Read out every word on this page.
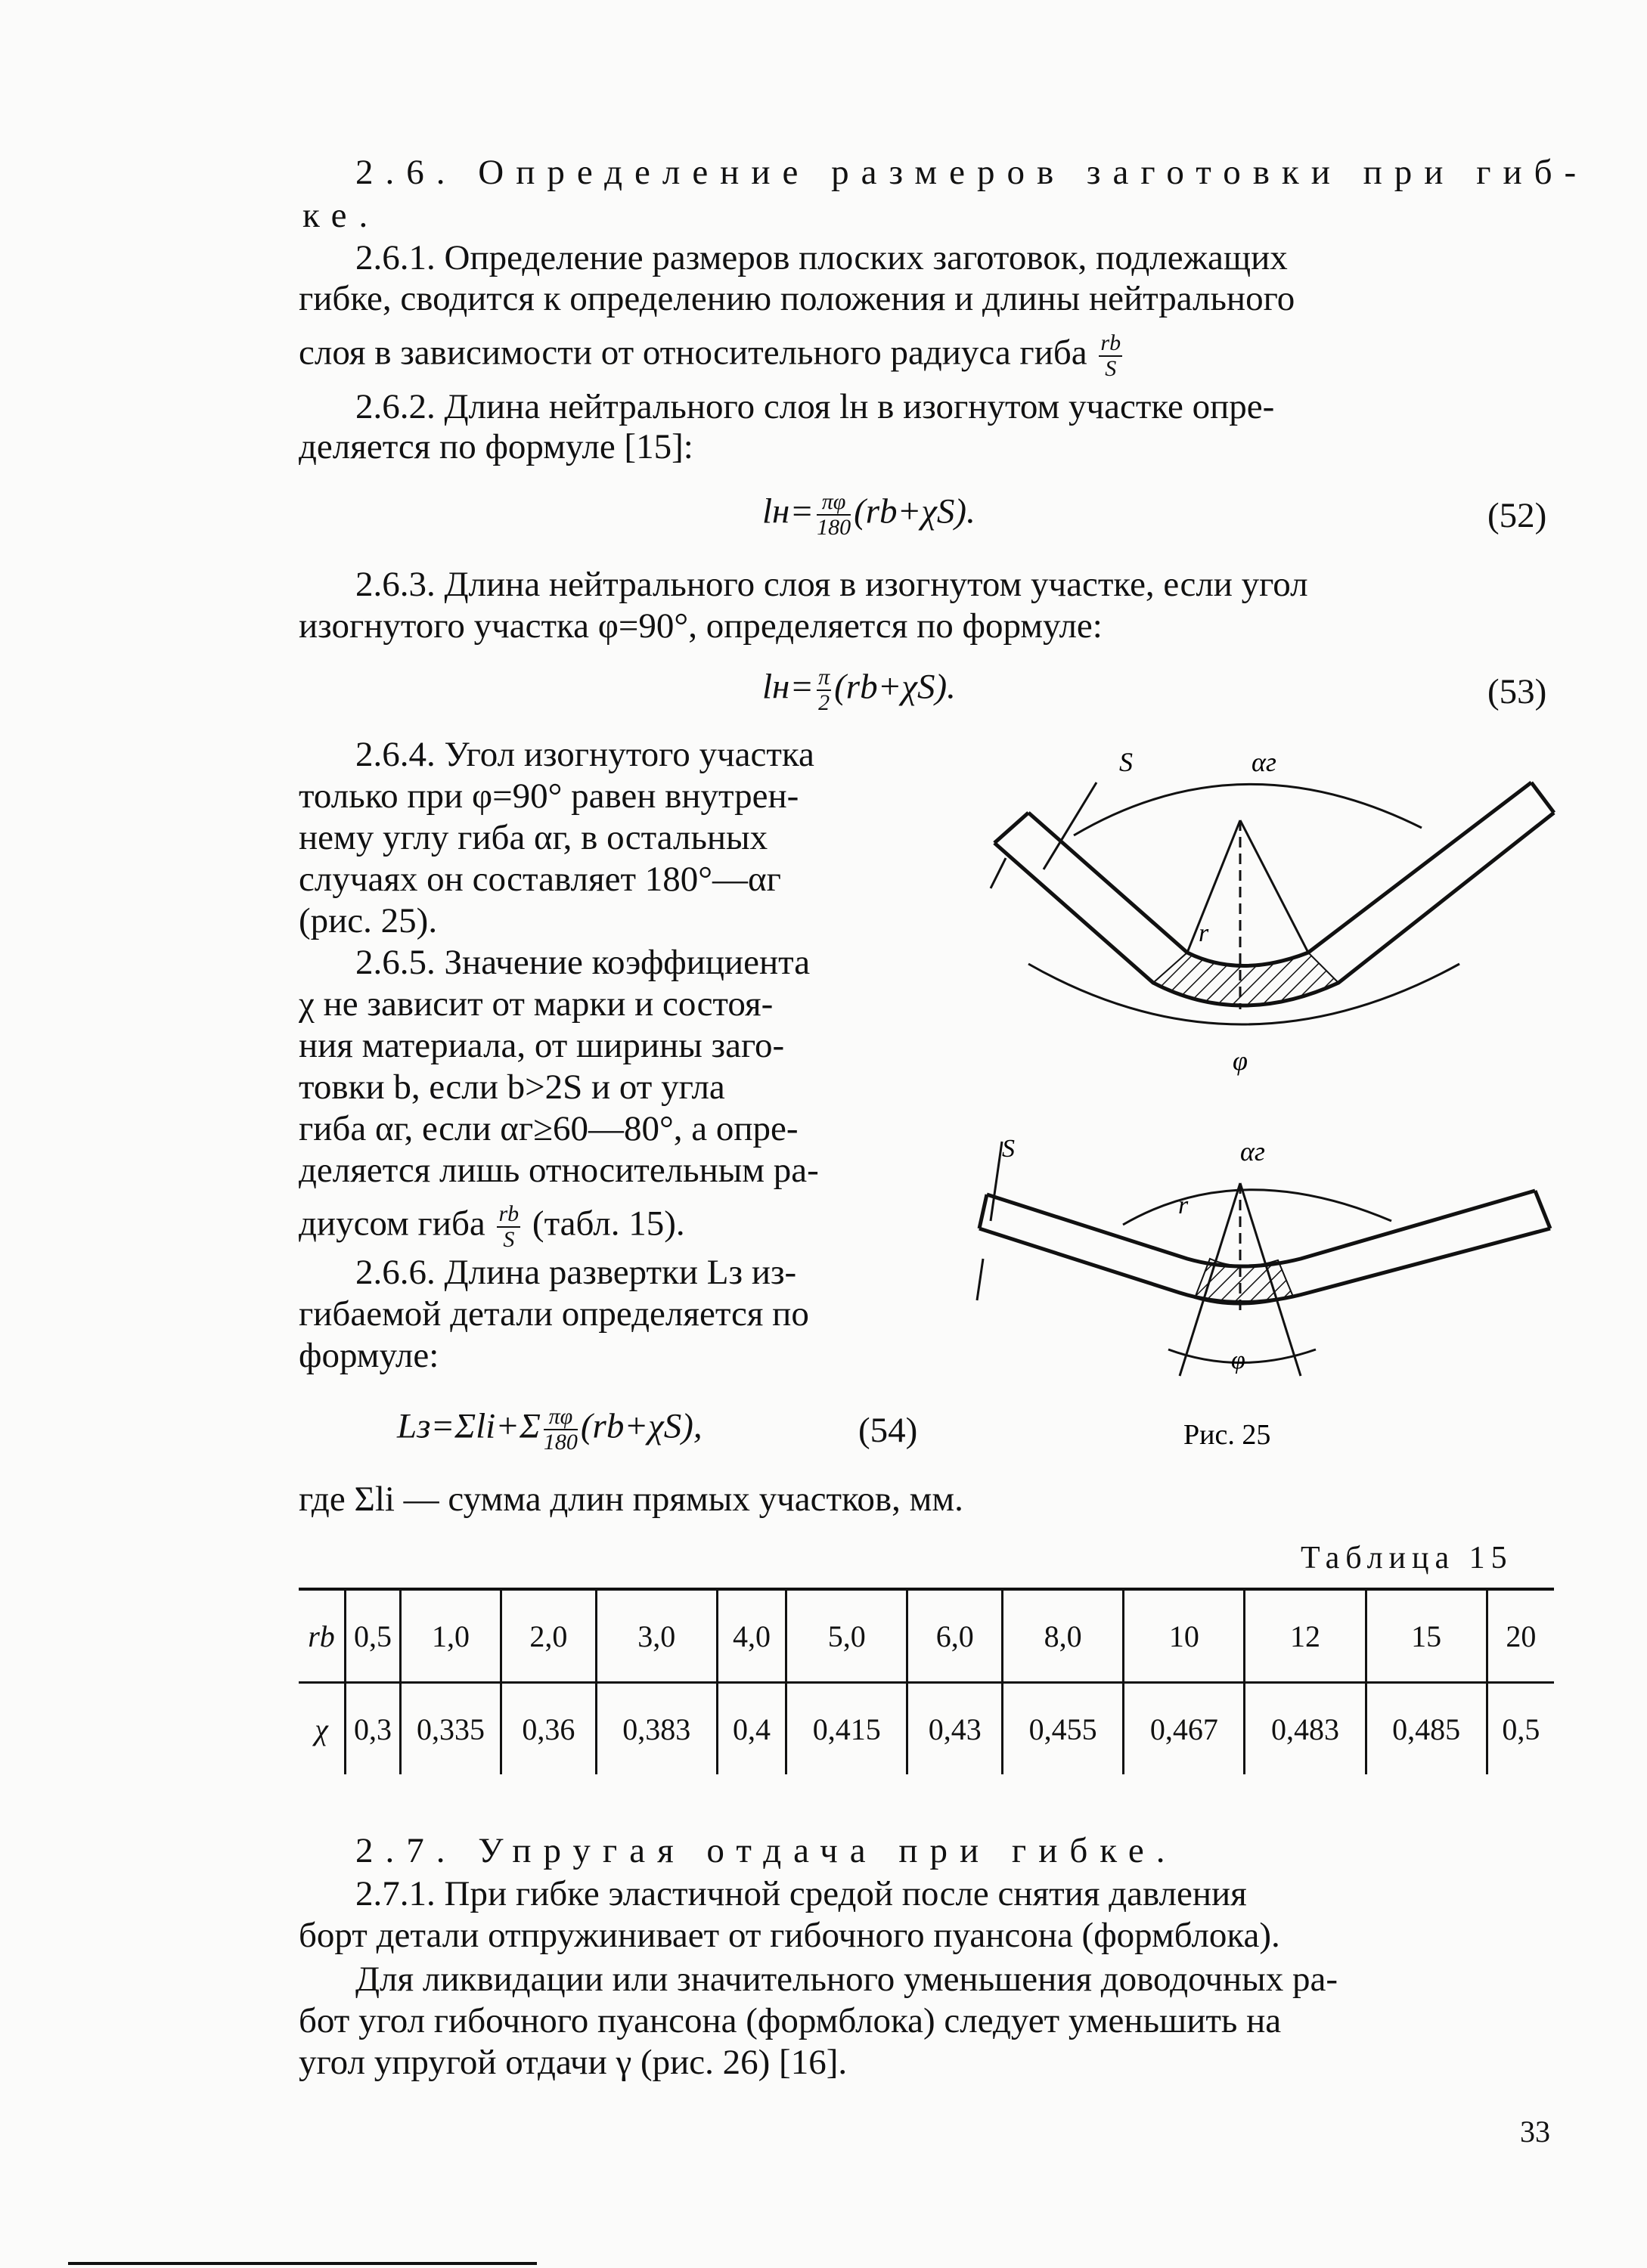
2.6. Определение размеров заготовки при гиб-
ке.
2.6.1. Определение размеров плоских заготовок, подлежащих
гибке, сводится к определению положения и длины нейтрального
слоя в зависимости от относительного радиуса гиба $\frac{rb}{S}$
2.6.2. Длина нейтрального слоя lн в изогнутом участке опре-
деляется по формуле [15]:
$lн= \frac{\pi\varphi}{180} (rb+\chi S)$.	(52)
2.6.3. Длина нейтрального слоя в изогнутом участке, если угол
изогнутого участка φ=90°, определяется по формуле:
$lн= \frac{\pi}{2} (rb+\chi S)$.	(53)
2.6.4. Угол изогнутого участка
только при φ=90° равен внутрен-
нему углу гиба αг, в остальных
случаях он составляет 180°—αг
(рис. 25).
2.6.5. Значение коэффициента
χ не зависит от марки и состоя-
ния материала, от ширины заго-
товки b, если b>2S и от угла
гиба αг, если αг≥60—80°, а опре-
деляется лишь относительным ра-
диусом гиба $\frac{rb}{S}$ (табл. 15).
2.6.6. Длина развертки Lз из-
гибаемой детали определяется по
формуле:
$Lз=\Sigma li+\Sigma \frac{\pi\varphi}{180} (rb+\chi S)$,	(54)
где Σli — сумма длин прямых участков, мм.
S	αг
r
φ
S	αг
r
φ
Рис. 25
Таблица 15
rb	0,5	1,0	2,0	3,0	4,0	5,0	6,0	8,0	10	12	15	20
χ	0,3	0,335	0,36	0,383	0,4	0,415	0,43	0,455	0,467	0,483	0,485	0,5
2.7. Упругая отдача при гибке.
2.7.1. При гибке эластичной средой после снятия давления
борт детали отпружинивает от гибочного пуансона (формблока).
Для ликвидации или значительного уменьшения доводочных ра-
бот угол гибочного пуансона (формблока) следует уменьшить на
угол упругой отдачи γ (рис. 26) [16].
33
